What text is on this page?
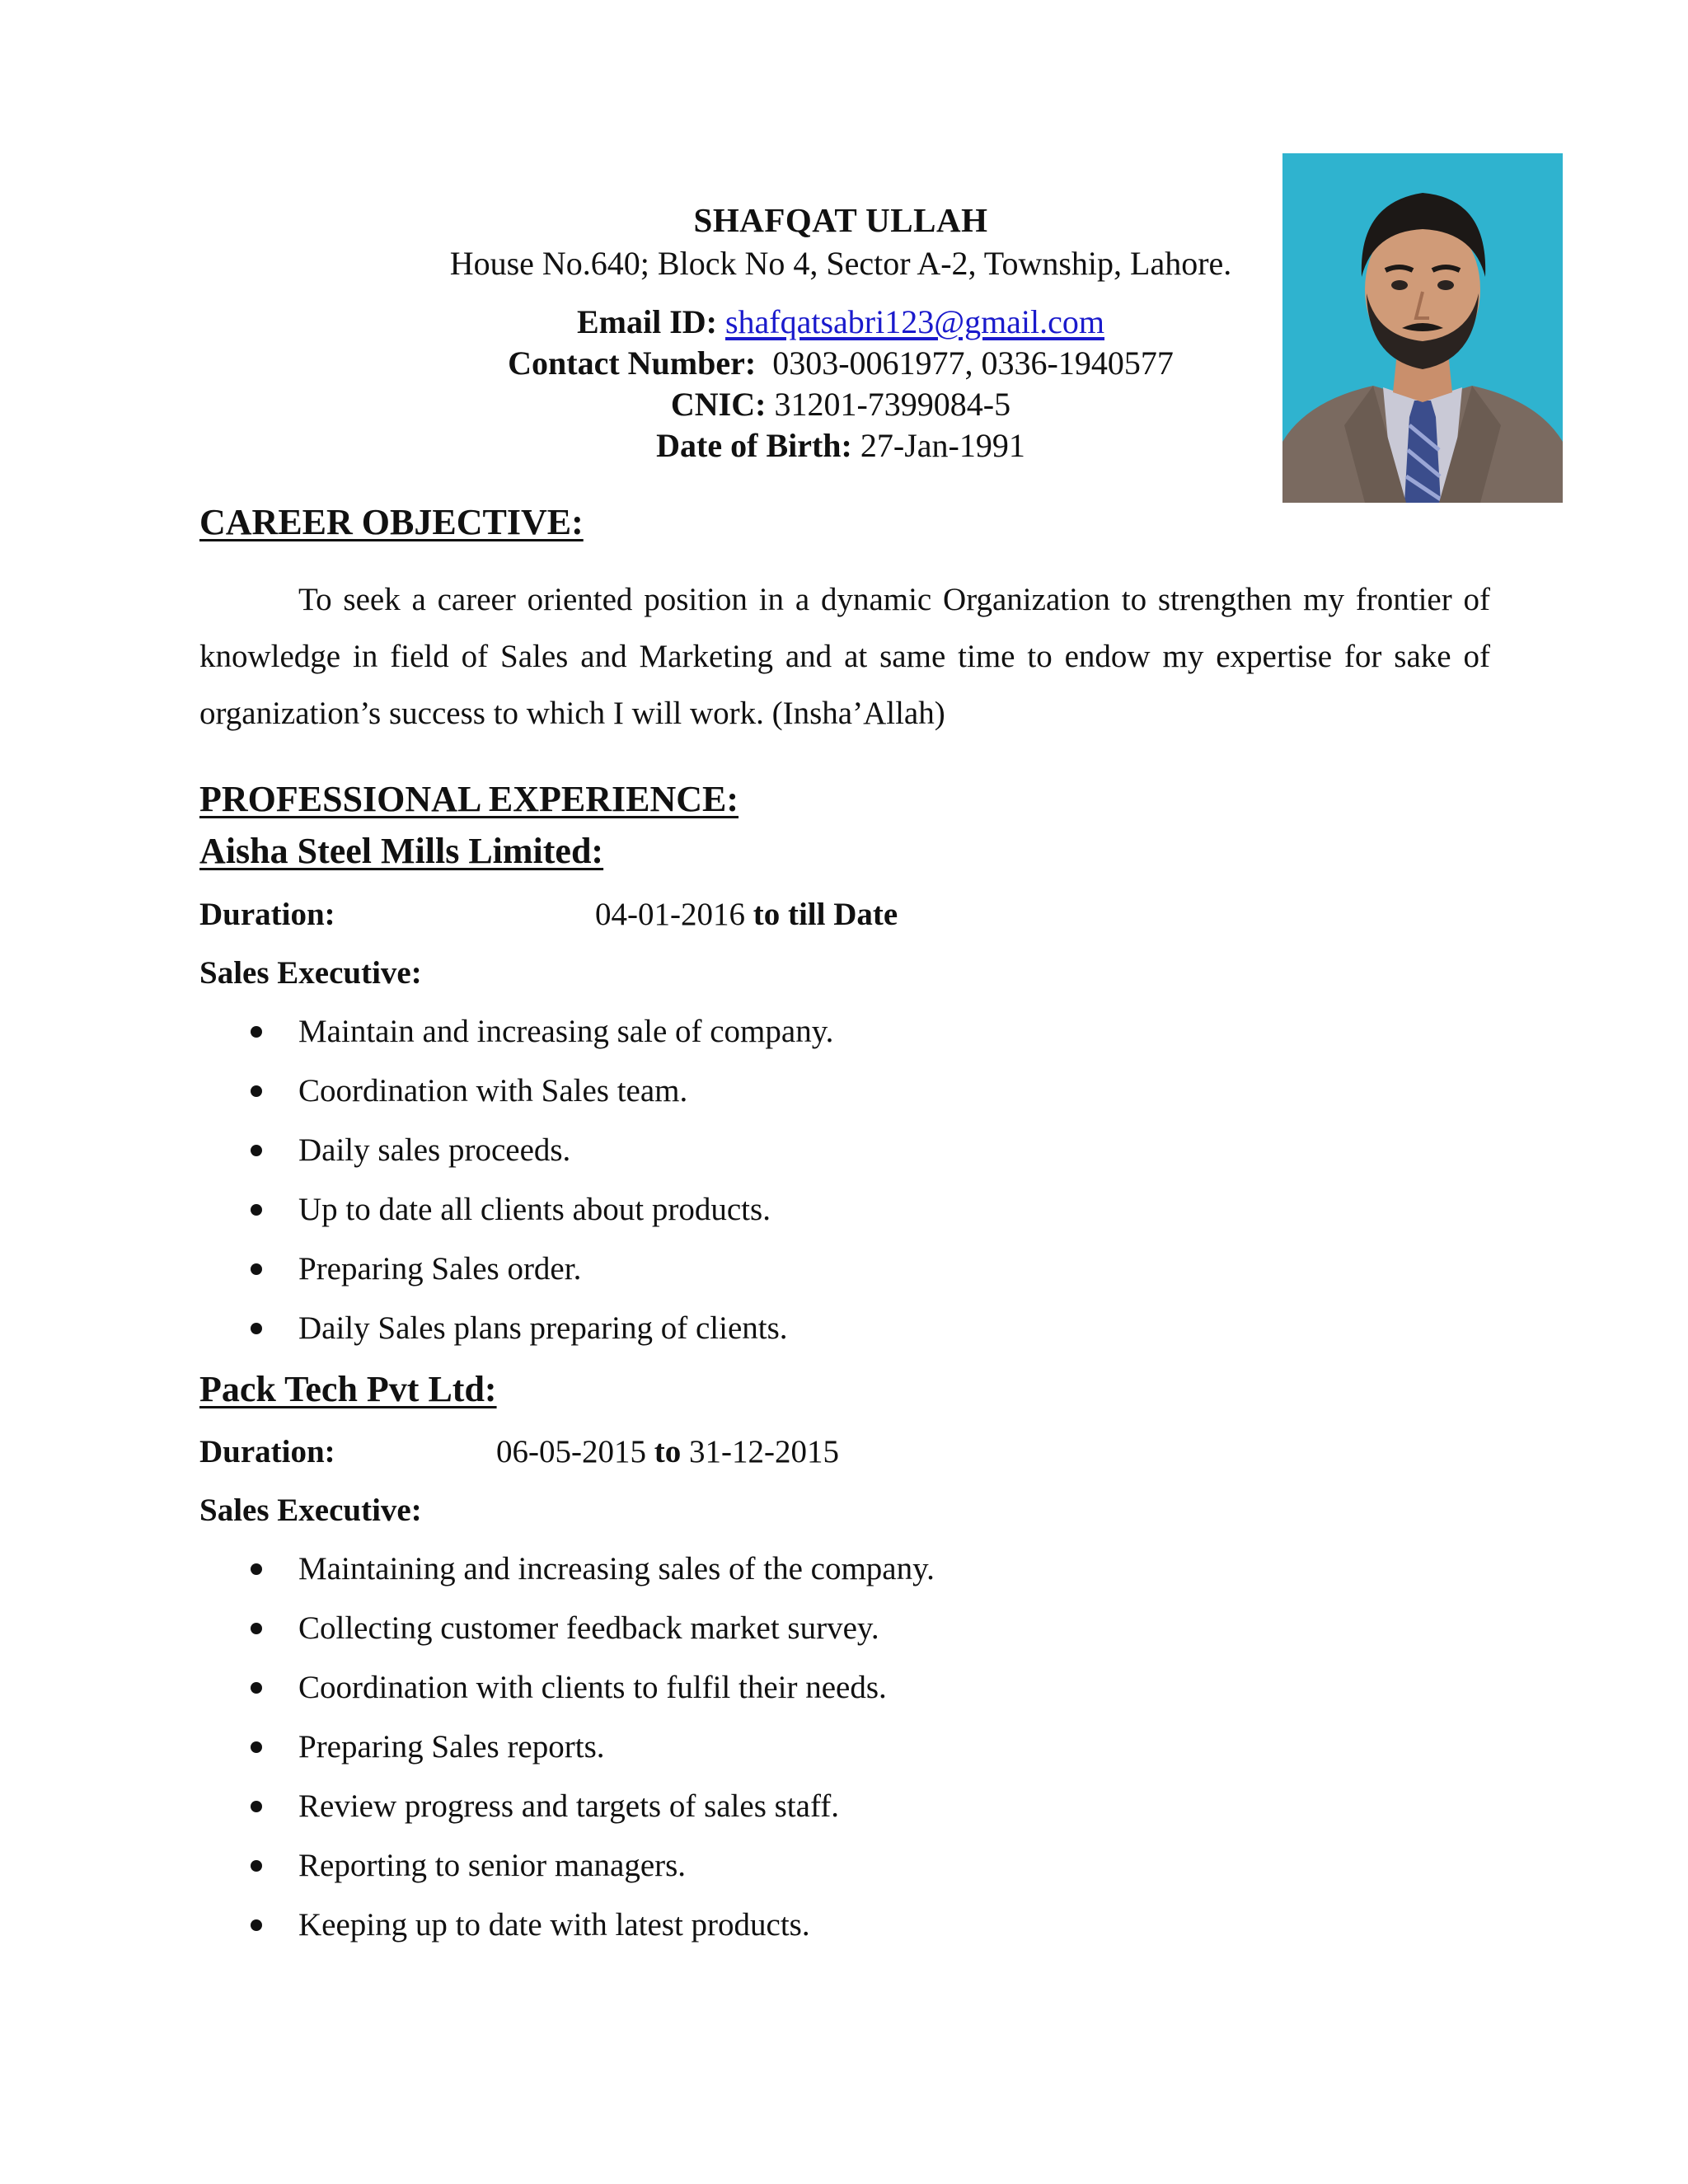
SHAFQAT ULLAH
House No.640; Block No 4, Sector A-2, Township, Lahore.
Email ID: shafqatsabri123@gmail.com
Contact Number: 0303-0061977, 0336-1940577
CNIC: 31201-7399084-5
Date of Birth: 27-Jan-1991
CAREER OBJECTIVE:

To seek a career oriented position in a dynamic Organization to strengthen my frontier of knowledge in field of Sales and Marketing and at same time to endow my expertise for sake of organization’s success to which I will work. (Insha’Allah)

PROFESSIONAL EXPERIENCE:
Aisha Steel Mills Limited:
Duration:	04-01-2016 to till Date
Sales Executive:
Maintain and increasing sale of company.
Coordination with Sales team.
Daily sales proceeds.
Up to date all clients about products.
Preparing Sales order.
Daily Sales plans preparing of clients.
Pack Tech Pvt Ltd:
Duration:	06-05-2015 to 31-12-2015
Sales Executive:
Maintaining and increasing sales of the company.
Collecting customer feedback market survey.
Coordination with clients to fulfil their needs.
Preparing Sales reports.
Review progress and targets of sales staff.
Reporting to senior managers.
Keeping up to date with latest products.
